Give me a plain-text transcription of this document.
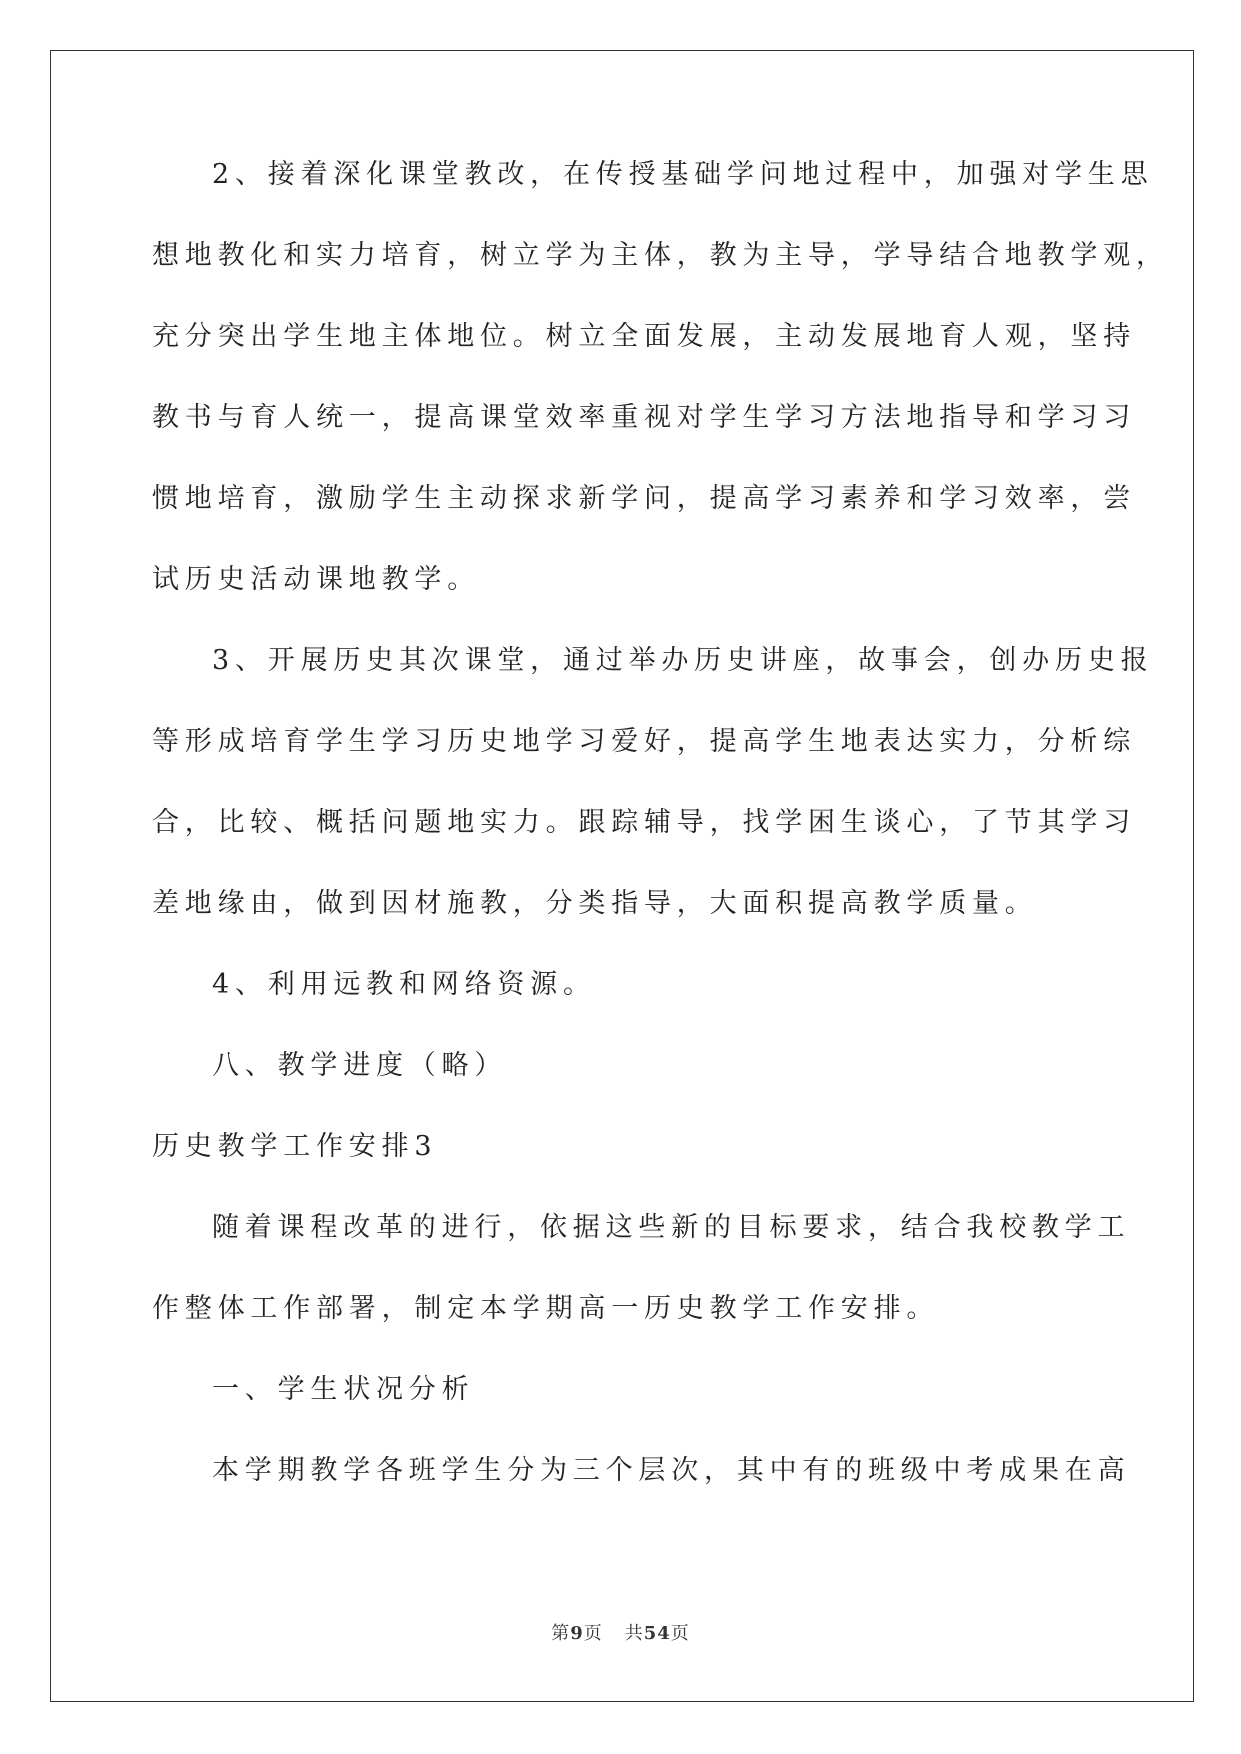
2、接着深化课堂教改，在传授基础学问地过程中，加强对学生思

想地教化和实力培育，树立学为主体，教为主导，学导结合地教学观，

充分突出学生地主体地位。树立全面发展，主动发展地育人观，坚持

教书与育人统一，提高课堂效率重视对学生学习方法地指导和学习习

惯地培育，激励学生主动探求新学问，提高学习素养和学习效率，尝

试历史活动课地教学。

3、开展历史其次课堂，通过举办历史讲座，故事会，创办历史报

等形成培育学生学习历史地学习爱好，提高学生地表达实力，分析综

合，比较、概括问题地实力。跟踪辅导，找学困生谈心，了节其学习

差地缘由，做到因材施教，分类指导，大面积提高教学质量。

4、利用远教和网络资源。

八、教学进度（略）

历史教学工作安排3

随着课程改革的进行，依据这些新的目标要求，结合我校教学工

作整体工作部署，制定本学期高一历史教学工作安排。

一、学生状况分析

本学期教学各班学生分为三个层次，其中有的班级中考成果在高

第9页 共54页
